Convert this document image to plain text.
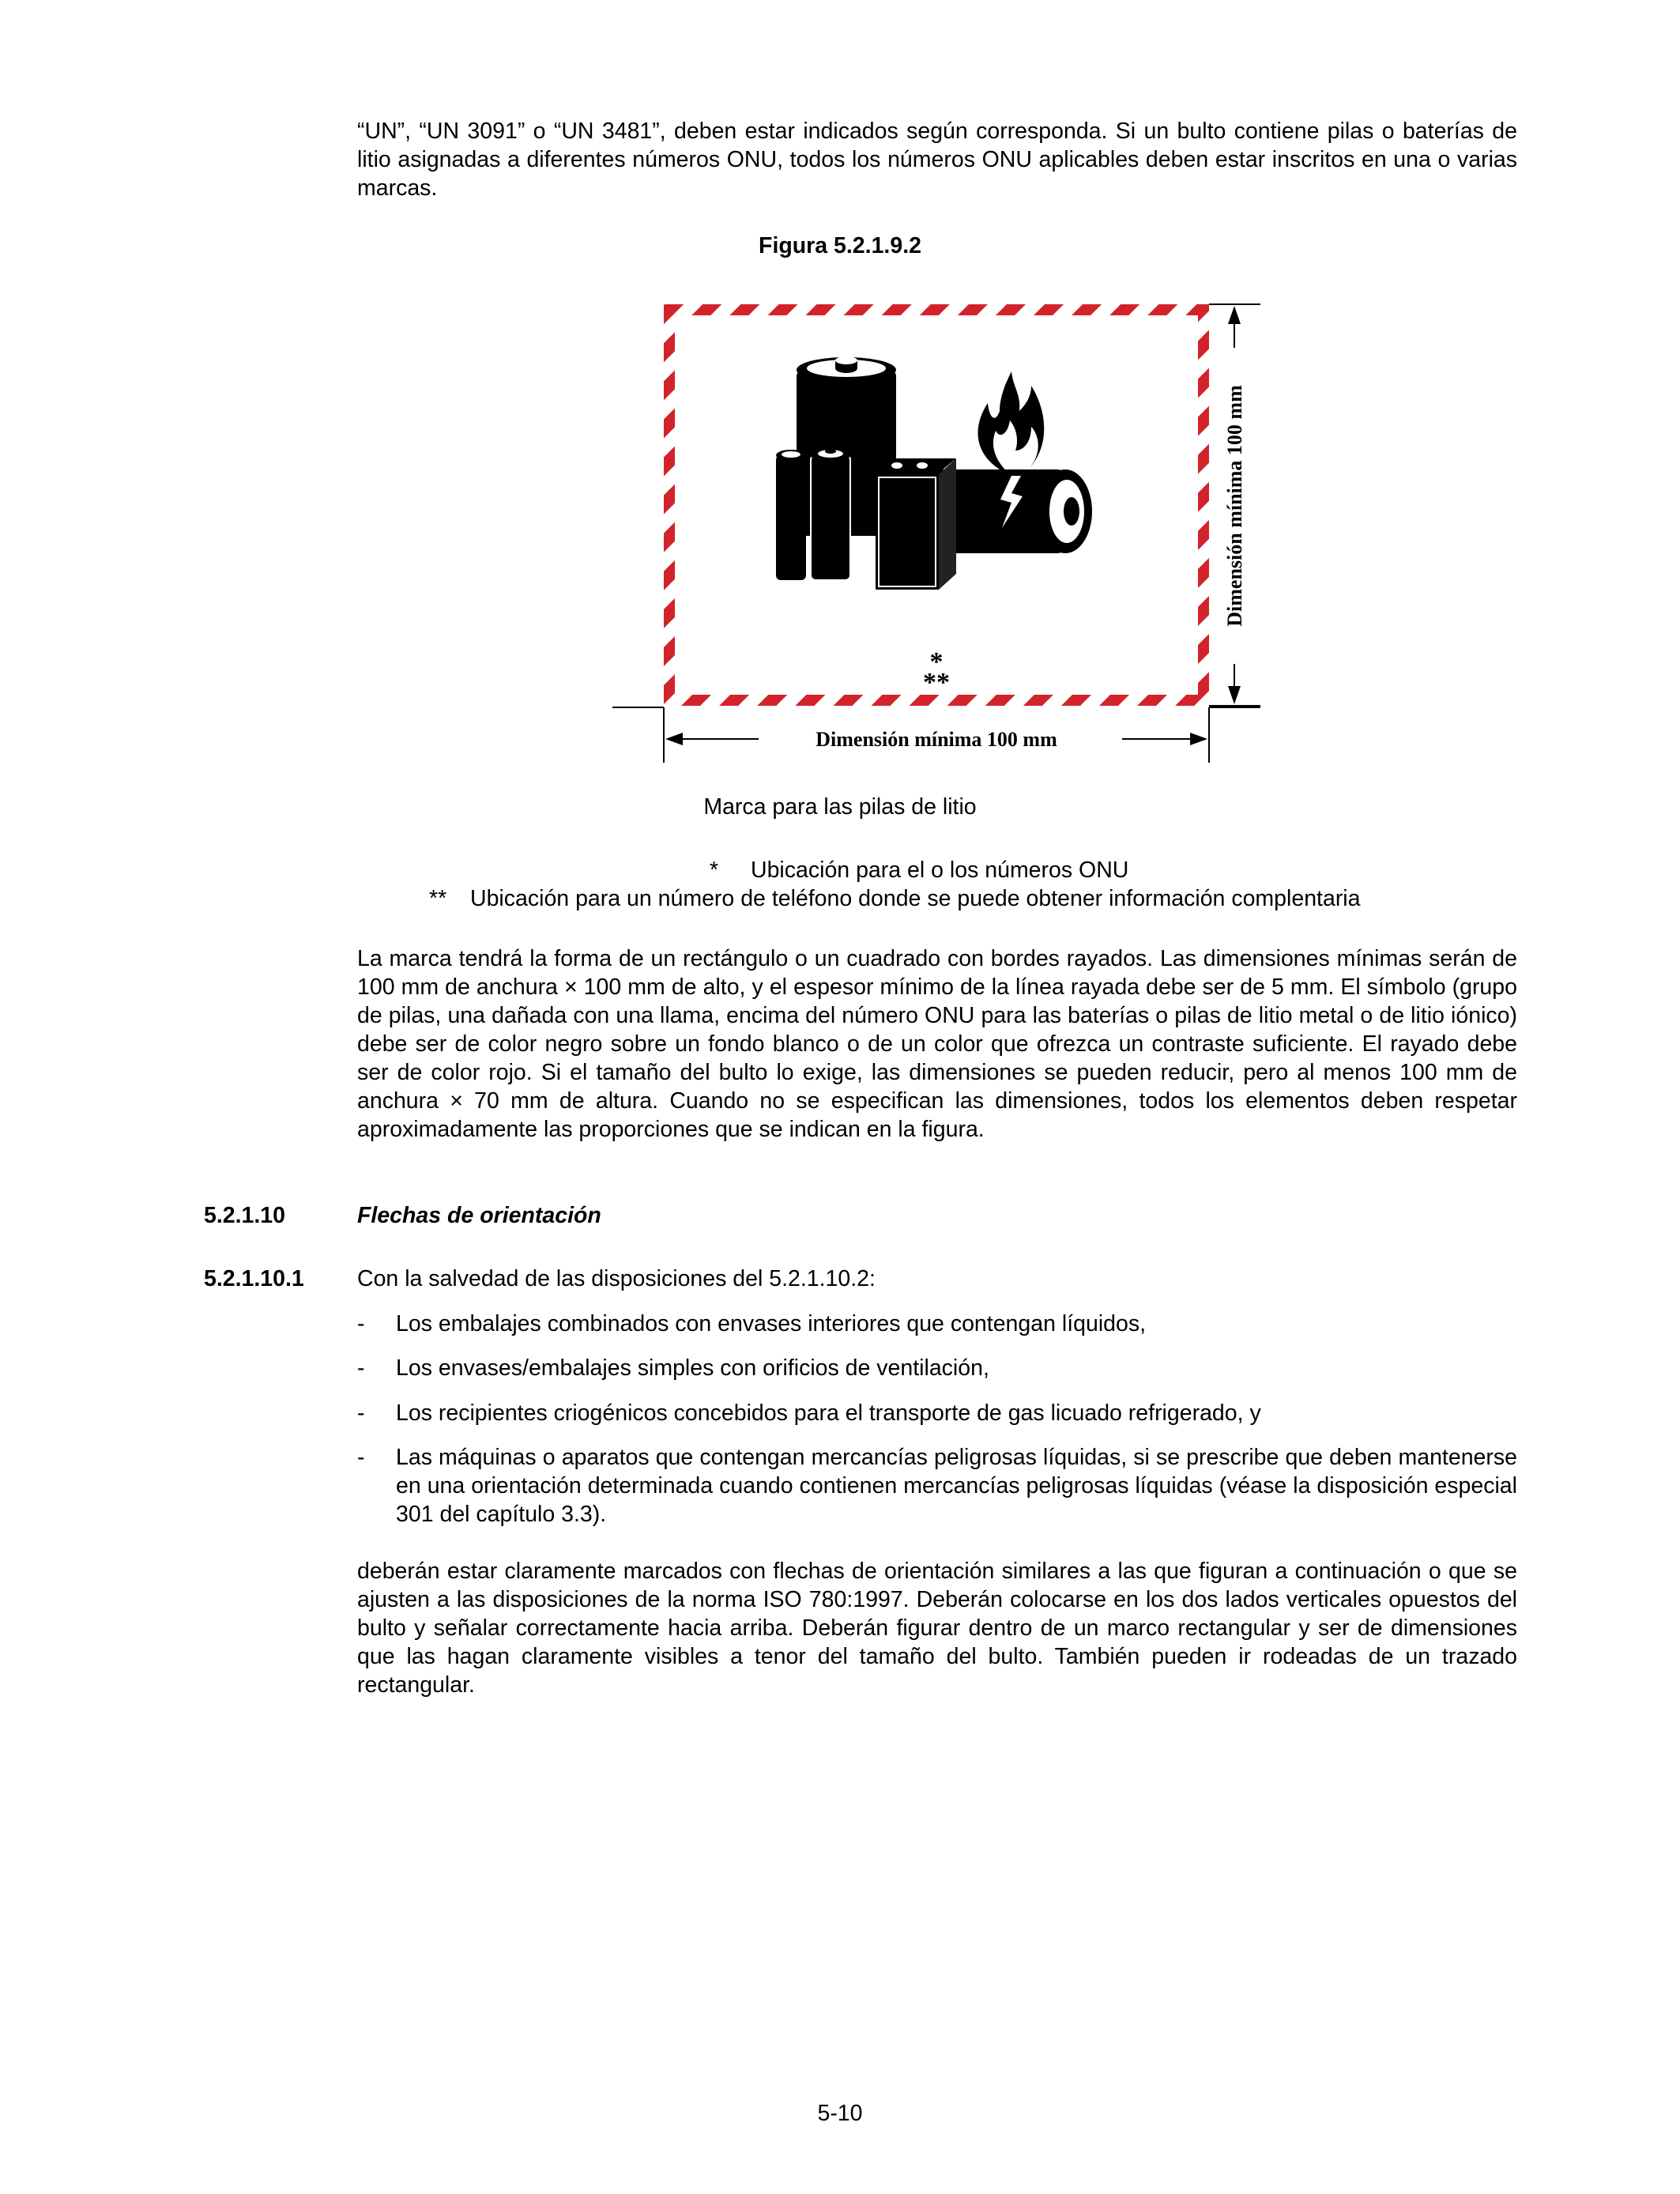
“UN”, “UN 3091” o “UN 3481”, deben estar indicados según corresponda. Si un bulto contiene pilas o baterías de litio asignadas a diferentes números ONU, todos los números ONU aplicables deben estar inscritos en una o varias marcas.
Figura 5.2.1.9.2
*
**
Dimensión mínima 100 mm
Dimensión mínima 100 mm
Marca para las pilas de litio
* Ubicación para el o los números ONU
** Ubicación para un número de teléfono donde se puede obtener información complentaria
La marca tendrá la forma de un rectángulo o un cuadrado con bordes rayados. Las dimensiones mínimas serán de 100 mm de anchura × 100 mm de alto, y el espesor mínimo de la línea rayada debe ser de 5 mm. El símbolo (grupo de pilas, una dañada con una llama, encima del número ONU para las baterías o pilas de litio metal o de litio iónico) debe ser de color negro sobre un fondo blanco o de un color que ofrezca un contraste suficiente. El rayado debe ser de color rojo. Si el tamaño del bulto lo exige, las dimensiones se pueden reducir, pero al menos 100 mm de anchura × 70 mm de altura. Cuando no se especifican las dimensiones, todos los elementos deben respetar aproximadamente las proporciones que se indican en la figura.
5.2.1.10	Flechas de orientación
5.2.1.10.1 Con la salvedad de las disposiciones del 5.2.1.10.2:
- Los embalajes combinados con envases interiores que contengan líquidos,
- Los envases/embalajes simples con orificios de ventilación,
- Los recipientes criogénicos concebidos para el transporte de gas licuado refrigerado, y
- Las máquinas o aparatos que contengan mercancías peligrosas líquidas, si se prescribe que deben mantenerse en una orientación determinada cuando contienen mercancías peligrosas líquidas (véase la disposición especial 301 del capítulo 3.3).
deberán estar claramente marcados con flechas de orientación similares a las que figuran a continuación o que se ajusten a las disposiciones de la norma ISO 780:1997. Deberán colocarse en los dos lados verticales opuestos del bulto y señalar correctamente hacia arriba. Deberán figurar dentro de un marco rectangular y ser de dimensiones que las hagan claramente visibles a tenor del tamaño del bulto. También pueden ir rodeadas de un trazado rectangular.
5-10
